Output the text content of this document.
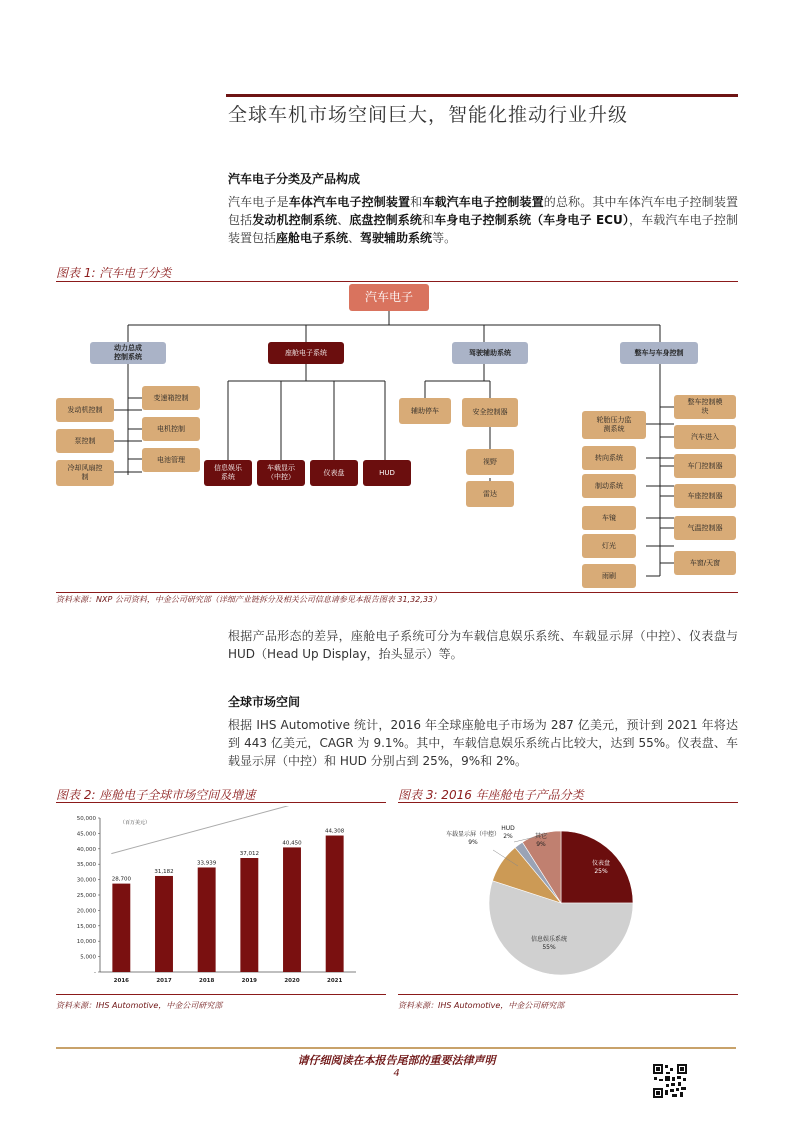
全球车机市场空间巨大，智能化推动行业升级
汽车电子分类及产品构成
汽车电子是车体汽车电子控制装置和车载汽车电子控制装置的总称。其中车体汽车电子控制装置包括发动机控制系统、底盘控制系统和车身电子控制系统（车身电子 ECU），车载汽车电子控制装置包括座舱电子系统、驾驶辅助系统等。
图表 1: 汽车电子分类
汽车电子
动力总成
控制系统
座舱电子系统	驾驶辅助系统	整车与车身控制
发动机控制
泵控制
冷却风扇控
制
变速箱控制
电机控制
电池管理
信息娱乐
系统
车载显示
（中控）
仪表盘	HUD
辅助停车	安全控制器
视野
雷达
轮胎压力监
测系统
转向系统
制动系统
车镜
灯光
雨刷
整车控制模
块
汽车进入
车门控制器
车座控制器
气温控制器
车窗/天窗
资料来源：NXP 公司资料，中金公司研究部（详细产业链拆分及相关公司信息请参见本报告图表 31,32,33）
根据产品形态的差异，座舱电子系统可分为车载信息娱乐系统、车载显示屏（中控）、仪表盘与 HUD（Head Up Display，抬头显示）等。
全球市场空间
根据 IHS Automotive 统计，2016 年全球座舱电子市场为 287 亿美元，预计到 2021 年将达到 443 亿美元，CAGR 为 9.1%。其中，车载信息娱乐系统占比较大，达到 55%。仪表盘、车载显示屏（中控）和 HUD 分别占到 25%，9%和 2%。
图表 2: 座舱电子全球市场空间及增速
-
5,000
10,000
15,000
20,000
25,000
30,000
35,000
40,000
45,000
50,000
（百万美元）
28,700
2016
31,182
2017
33,939
2018
37,012
2019
40,450
2020
44,308
2021
资料来源：IHS Automotive，中金公司研究部
图表 3: 2016 年座舱电子产品分类
仪表盘
25%
信息娱乐系统
55%
车载显示屏（中控）
9%
HUD
2%	其它
9%
资料来源：IHS Automotive，中金公司研究部
请仔细阅读在本报告尾部的重要法律声明
4
